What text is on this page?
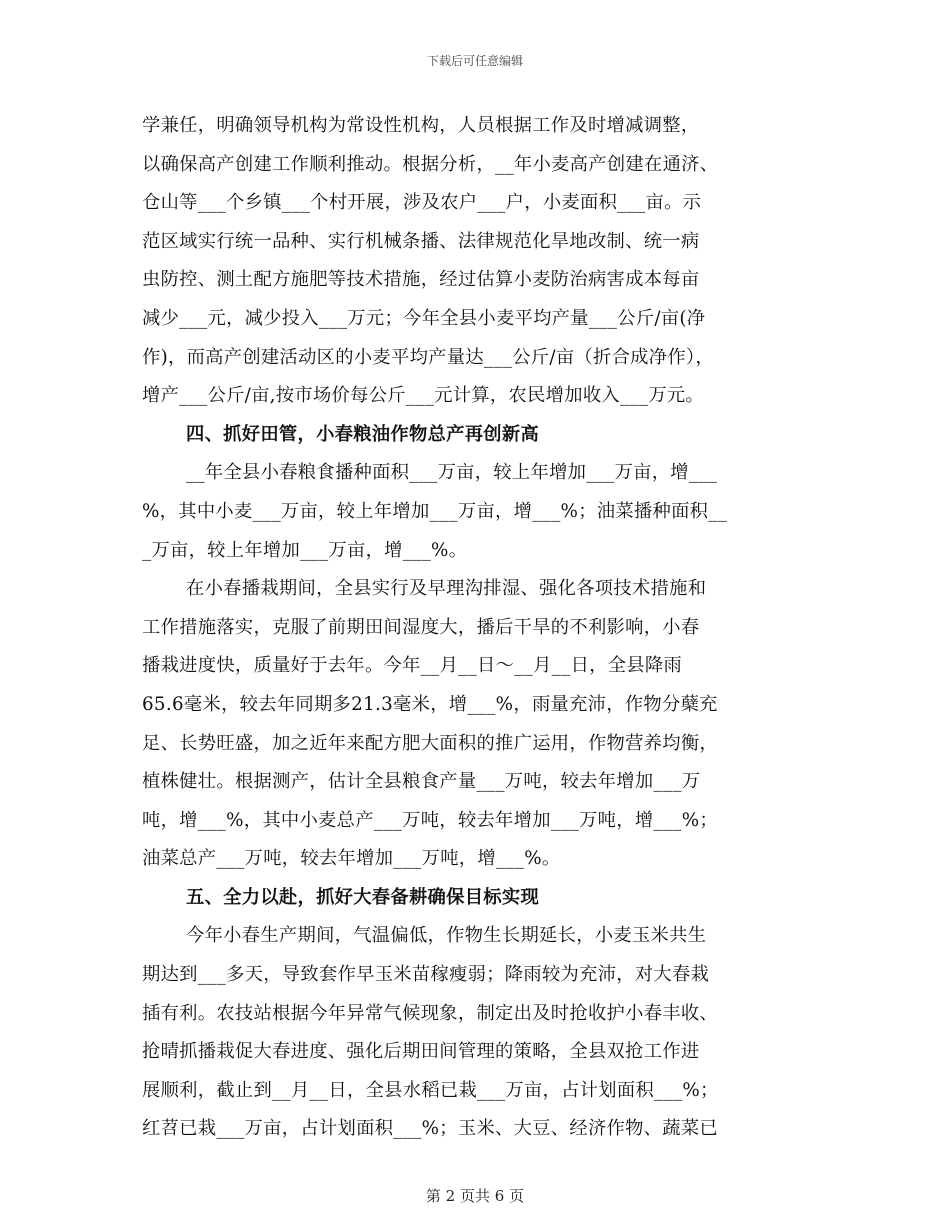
下载后可任意编辑
学兼任，明确领导机构为常设性机构，人员根据工作及时增减调整，
以确保高产创建工作顺利推动。根据分析，__年小麦高产创建在通济、
仓山等___个乡镇___个村开展，涉及农户___户，小麦面积___亩。示
范区域实行统一品种、实行机械条播、法律规范化旱地改制、统一病
虫防控、测土配方施肥等技术措施，经过估算小麦防治病害成本每亩
减少___元，减少投入___万元；今年全县小麦平均产量___公斤/亩(净
作)，而高产创建活动区的小麦平均产量达___公斤/亩（折合成净作），
增产___公斤/亩,按市场价每公斤___元计算，农民增加收入___万元。
四、抓好田管，小春粮油作物总产再创新高
__年全县小春粮食播种面积___万亩，较上年增加___万亩，增___
%，其中小麦___万亩，较上年增加___万亩，增___%；油菜播种面积__
_万亩，较上年增加___万亩，增___%。
在小春播栽期间，全县实行及早理沟排湿、强化各项技术措施和
工作措施落实，克服了前期田间湿度大，播后干旱的不利影响，小春
播栽进度快，质量好于去年。今年__月__日～__月__日，全县降雨
65.6毫米，较去年同期多21.3毫米，增___%，雨量充沛，作物分蘖充
足、长势旺盛，加之近年来配方肥大面积的推广运用，作物营养均衡，
植株健壮。根据测产，估计全县粮食产量___万吨，较去年增加___万
吨，增___%，其中小麦总产___万吨，较去年增加___万吨，增___%；
油菜总产___万吨，较去年增加___万吨，增___%。
五、全力以赴，抓好大春备耕确保目标实现
今年小春生产期间，气温偏低，作物生长期延长，小麦玉米共生
期达到___多天，导致套作早玉米苗稼瘦弱；降雨较为充沛，对大春栽
插有利。农技站根据今年异常气候现象，制定出及时抢收护小春丰收、
抢晴抓播栽促大春进度、强化后期田间管理的策略，全县双抢工作进
展顺利，截止到__月__日，全县水稻已栽___万亩，占计划面积___%；
红苕已栽___万亩，占计划面积___%；玉米、大豆、经济作物、蔬菜已
第 2 页共 6 页
